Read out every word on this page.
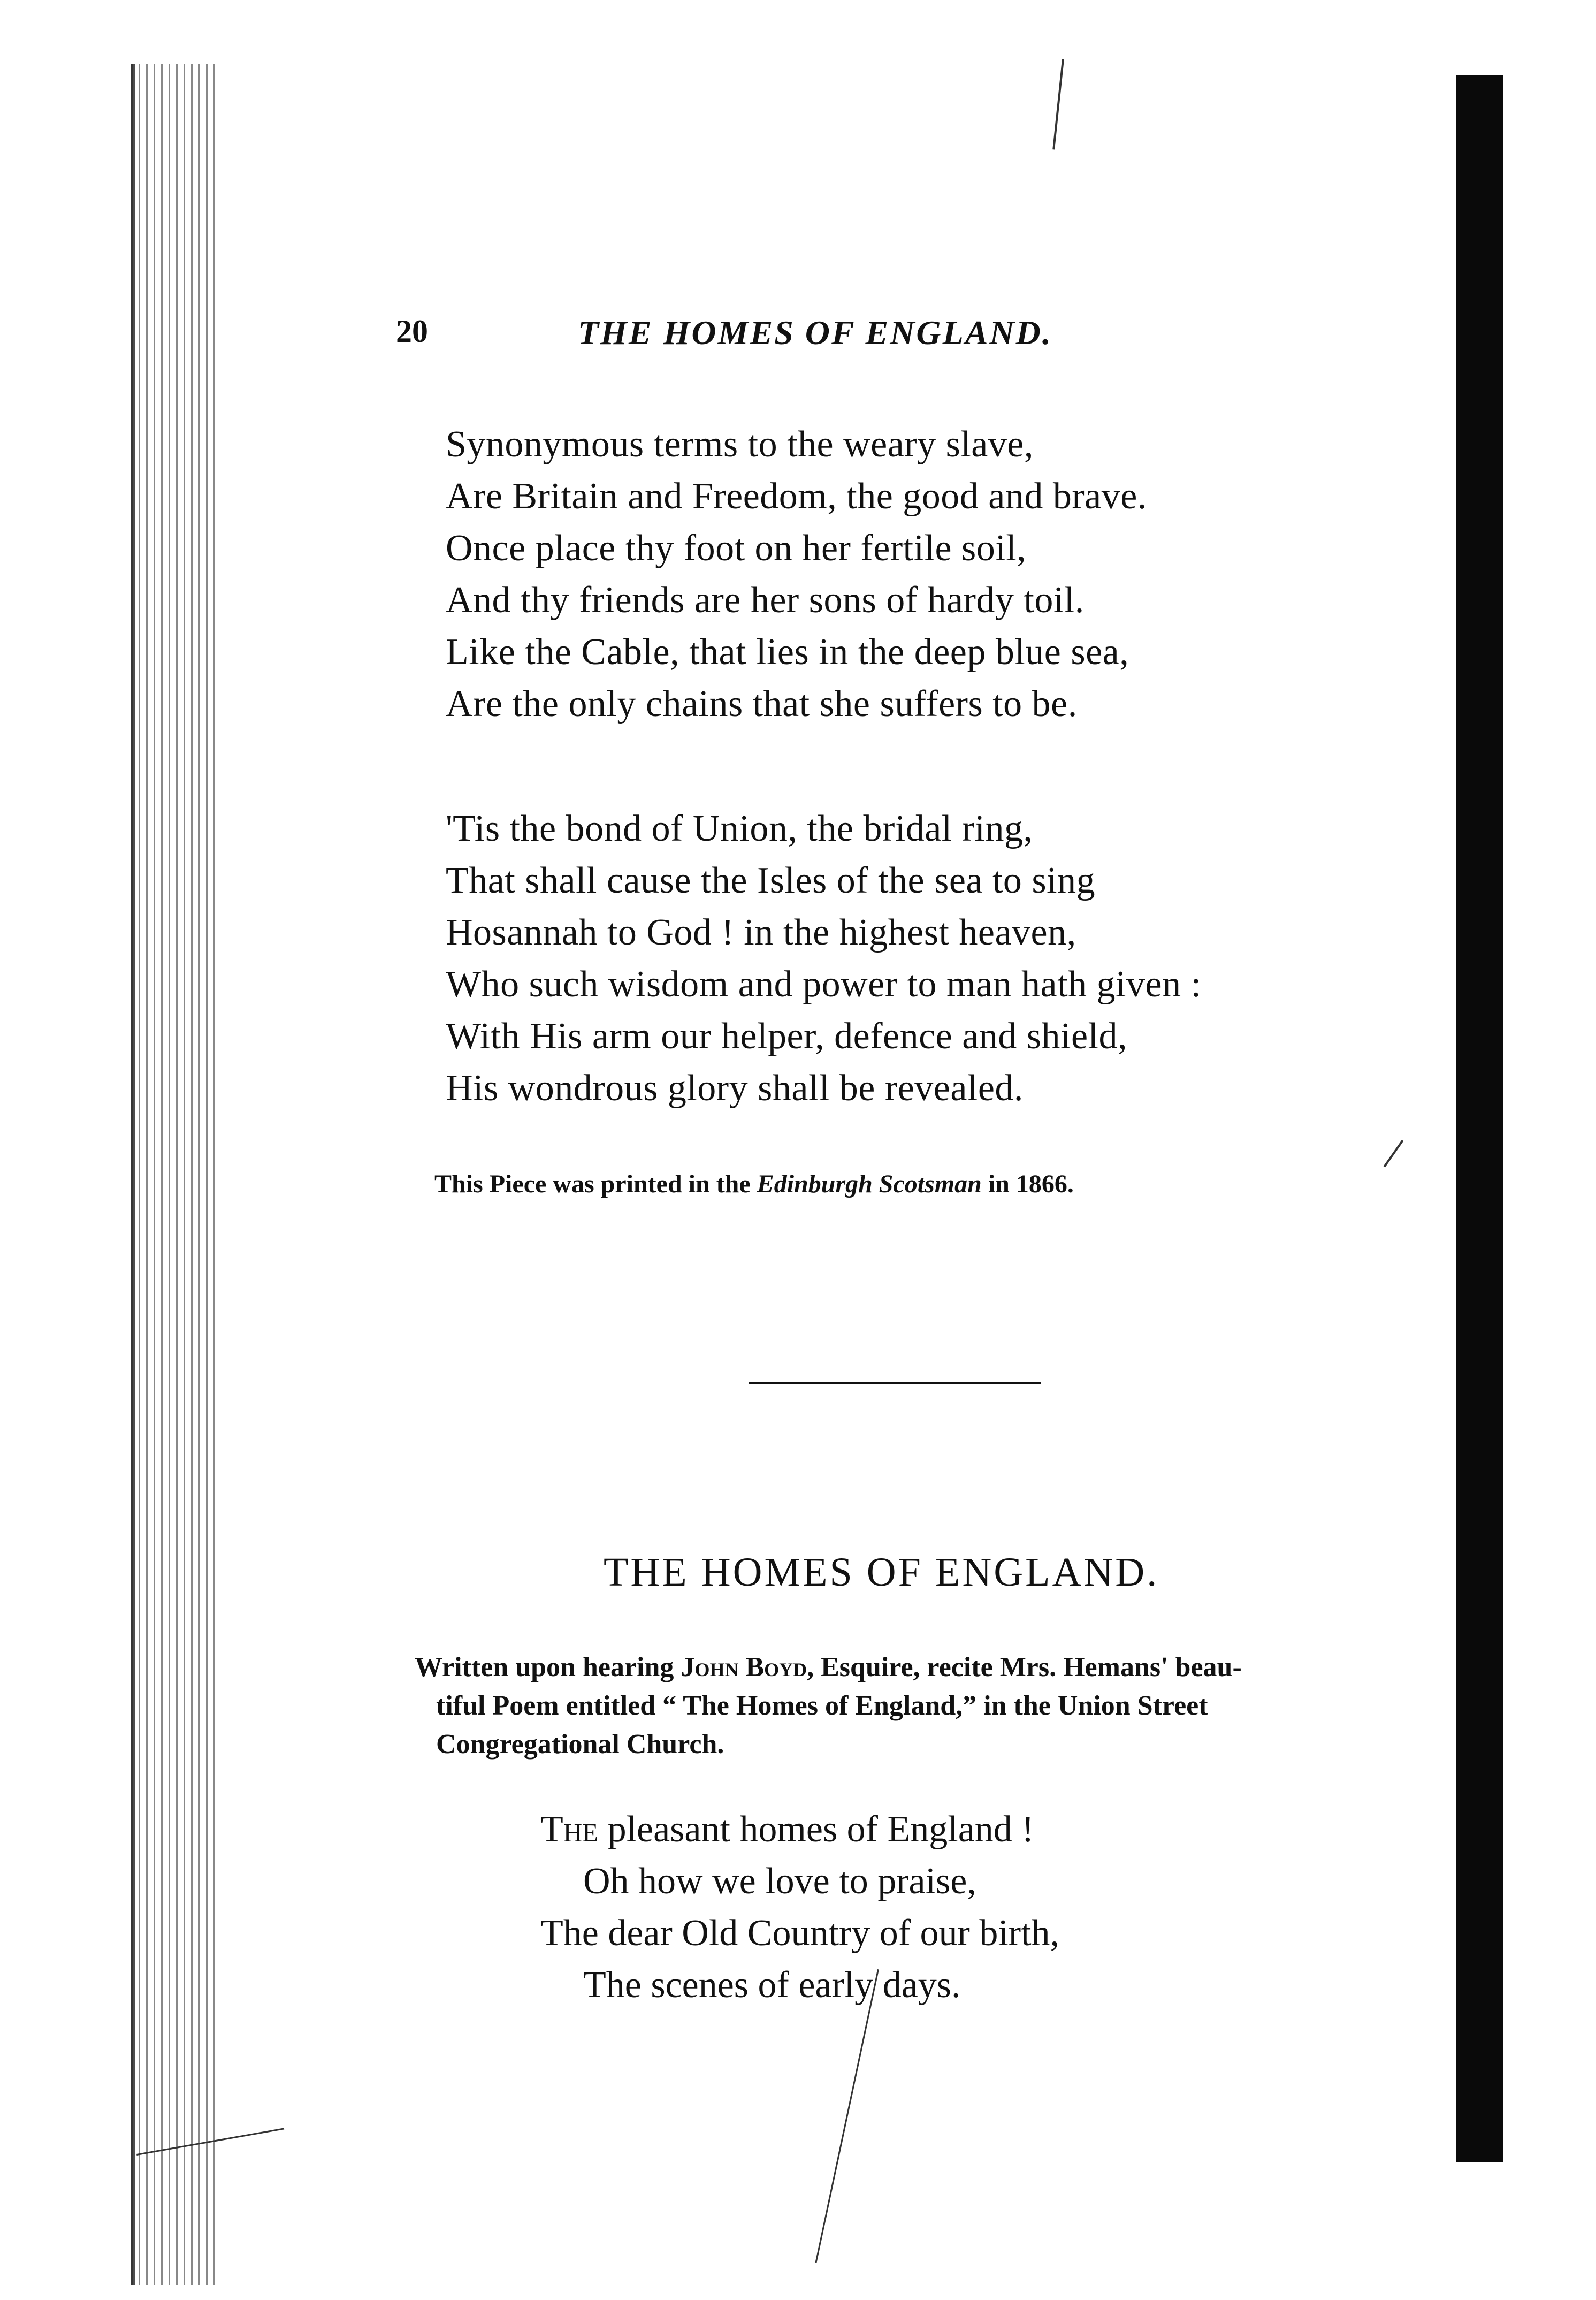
20	THE HOMES OF ENGLAND.
Synonymous terms to the weary slave,
Are Britain and Freedom, the good and brave.
Once place thy foot on her fertile soil,
And thy friends are her sons of hardy toil.
Like the Cable, that lies in the deep blue sea,
Are the only chains that she suffers to be.
'Tis the bond of Union, the bridal ring,
That shall cause the Isles of the sea to sing
Hosannah to God ! in the highest heaven,
Who such wisdom and power to man hath given :
With His arm our helper, defence and shield,
His wondrous glory shall be revealed.
This Piece was printed in the Edinburgh Scotsman in 1866.
THE HOMES OF ENGLAND.
Written upon hearing John Boyd, Esquire, recite Mrs. Hemans' beau-
tiful Poem entitled “ The Homes of England,” in the Union Street
Congregational Church.
The pleasant homes of England !
Oh how we love to praise,
The dear Old Country of our birth,
The scenes of early days.
